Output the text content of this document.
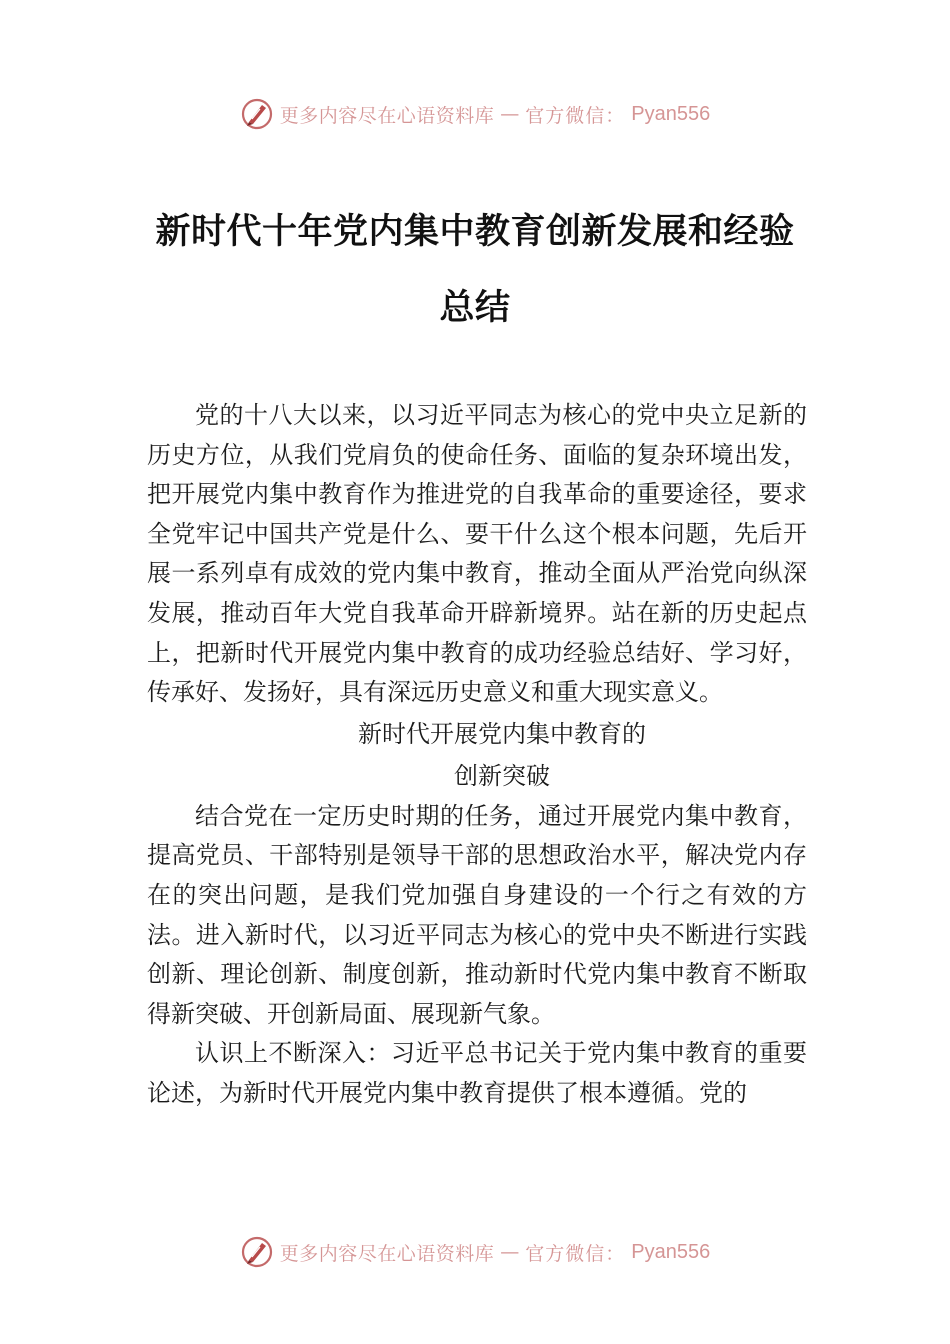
更多内容尽在心语资料库 — 官方微信： Pyan556
新时代十年党内集中教育创新发展和经验
总结

党的十八大以来，以习近平同志为核心的党中央立足新的历史方位，从我们党肩负的使命任务、面临的复杂环境出发，把开展党内集中教育作为推进党的自我革命的重要途径，要求全党牢记中国共产党是什么、要干什么这个根本问题，先后开展一系列卓有成效的党内集中教育，推动全面从严治党向纵深发展，推动百年大党自我革命开辟新境界。站在新的历史起点上，把新时代开展党内集中教育的成功经验总结好、学习好，传承好、发扬好，具有深远历史意义和重大现实意义。

新时代开展党内集中教育的

创新突破

结合党在一定历史时期的任务，通过开展党内集中教育，提高党员、干部特别是领导干部的思想政治水平，解决党内存在的突出问题，是我们党加强自身建设的一个行之有效的方法。进入新时代，以习近平同志为核心的党中央不断进行实践创新、理论创新、制度创新，推动新时代党内集中教育不断取得新突破、开创新局面、展现新气象。

认识上不断深入：习近平总书记关于党内集中教育的重要论述，为新时代开展党内集中教育提供了根本遵循。党的

更多内容尽在心语资料库 — 官方微信： Pyan556
